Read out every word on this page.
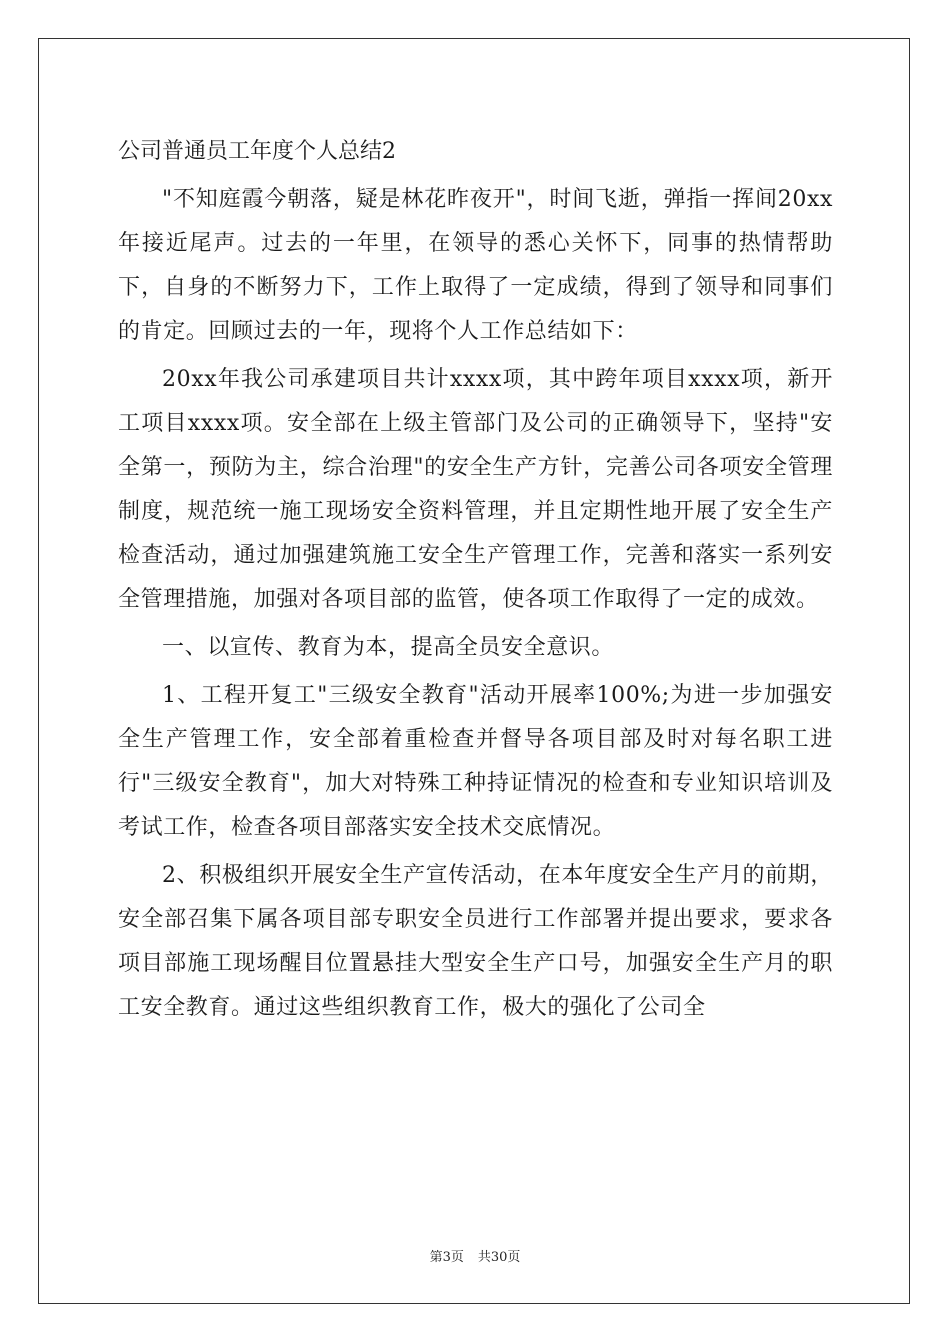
公司普通员工年度个人总结2

"不知庭霞今朝落，疑是林花昨夜开"，时间飞逝，弹指一挥间20xx年接近尾声。过去的一年里，在领导的悉心关怀下，同事的热情帮助下，自身的不断努力下，工作上取得了一定成绩，得到了领导和同事们的肯定。回顾过去的一年，现将个人工作总结如下：

20xx年我公司承建项目共计xxxx项，其中跨年项目xxxx项，新开工项目xxxx项。安全部在上级主管部门及公司的正确领导下，坚持"安全第一，预防为主，综合治理"的安全生产方针，完善公司各项安全管理制度，规范统一施工现场安全资料管理，并且定期性地开展了安全生产检查活动，通过加强建筑施工安全生产管理工作，完善和落实一系列安全管理措施，加强对各项目部的监管，使各项工作取得了一定的成效。

一、以宣传、教育为本，提高全员安全意识。

1、工程开复工"三级安全教育"活动开展率100%;为进一步加强安全生产管理工作，安全部着重检查并督导各项目部及时对每名职工进行"三级安全教育"，加大对特殊工种持证情况的检查和专业知识培训及考试工作，检查各项目部落实安全技术交底情况。

2、积极组织开展安全生产宣传活动，在本年度安全生产月的前期，安全部召集下属各项目部专职安全员进行工作部署并提出要求，要求各项目部施工现场醒目位置悬挂大型安全生产口号，加强安全生产月的职工安全教育。通过这些组织教育工作，极大的强化了公司全

第3页 共30页
